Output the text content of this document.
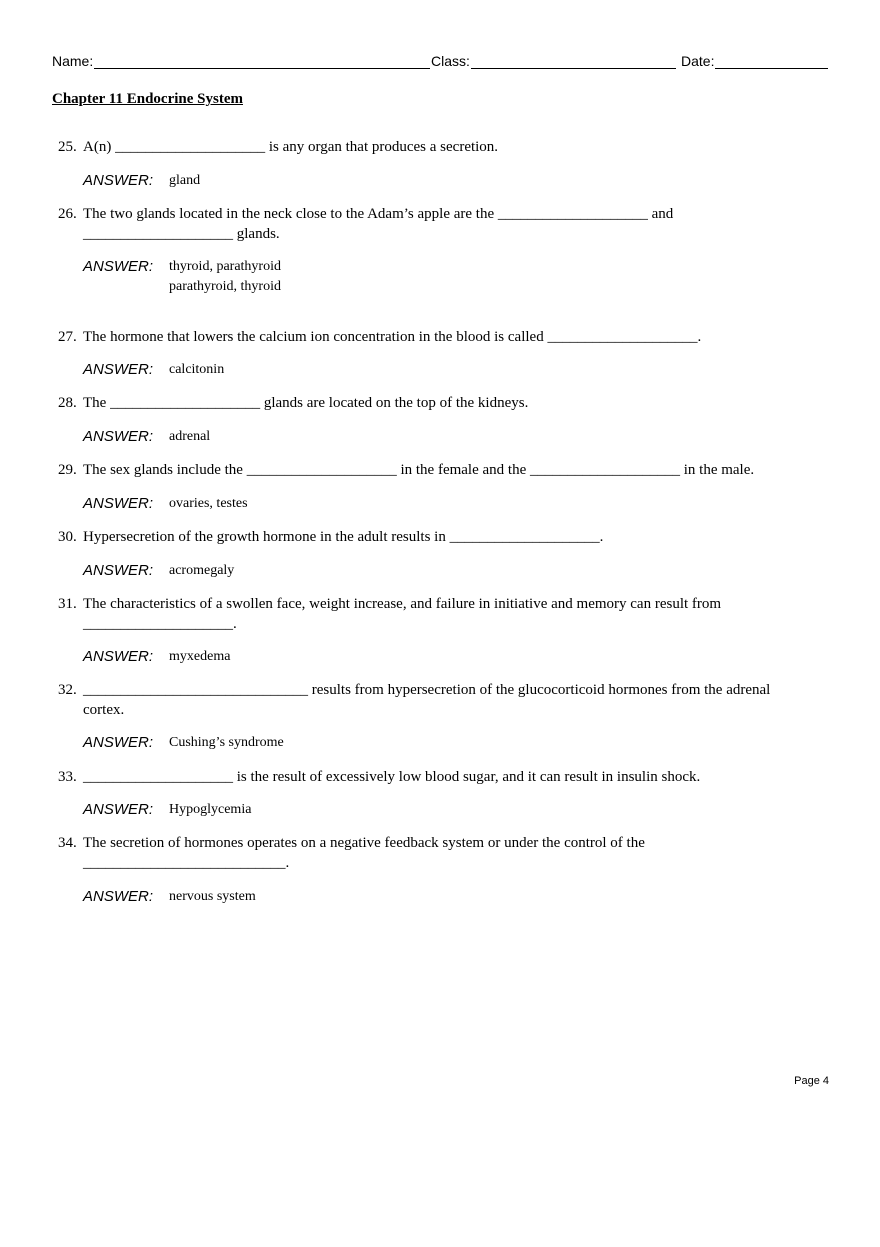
Name:	Class:	Date:
Chapter 11 Endocrine System
25. A(n) ____________________ is any organ that produces a secretion.
ANSWER:	gland
26. The two glands located in the neck close to the Adam’s apple are the ____________________ and
____________________ glands.
ANSWER:	thyroid, parathyroid
parathyroid, thyroid
27. The hormone that lowers the calcium ion concentration in the blood is called ____________________.
ANSWER:	calcitonin
28. The ____________________ glands are located on the top of the kidneys.
ANSWER:	adrenal
29. The sex glands include the ____________________ in the female and the ____________________ in the male.
ANSWER:	ovaries, testes
30. Hypersecretion of the growth hormone in the adult results in ____________________.
ANSWER:	acromegaly
31. The characteristics of a swollen face, weight increase, and failure in initiative and memory can result from
____________________.
ANSWER:	myxedema
32. ______________________________ results from hypersecretion of the glucocorticoid hormones from the adrenal
cortex.
ANSWER:	Cushing’s syndrome
33. ____________________ is the result of excessively low blood sugar, and it can result in insulin shock.
ANSWER:	Hypoglycemia
34. The secretion of hormones operates on a negative feedback system or under the control of the
___________________________.
ANSWER:	nervous system
Page 4
